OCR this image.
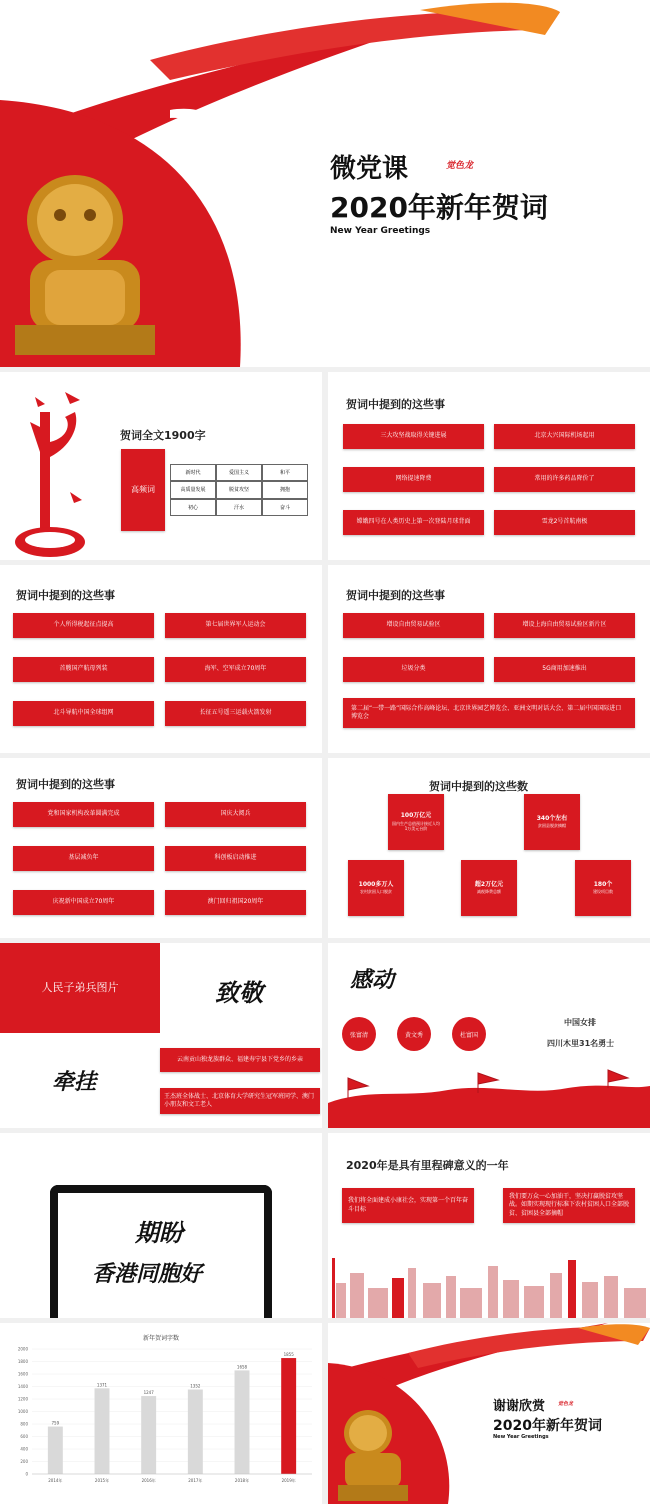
微党课	觉色龙
2020年新年贺词
New Year Greetings
贺词全文1900字
高频词
新时代	爱国主义	和平
高质量发展	脱贫攻坚	拥抱
初心	汗水	奋斗
贺词中提到的这些事
三大攻坚战取得关键进展	北京大兴国际机场起用
网络提速降费	常用的许多药品降价了
嫦娥四号在人类历史上第一次登陆月球背面	雪龙2号首航南极
贺词中提到的这些事
个人所得税起征点提高	第七届世界军人运动会
首艘国产航母列装	海军、空军成立70周年
北斗导航中国全球组网	长征五号遥三运载火箭发射
贺词中提到的这些事
增设自由贸易试验区	增设上海自由贸易试验区新片区
垃圾分类	5G商用加速推出
第二届“一带一路”国际合作高峰论坛、北京世界园艺博览会、亚洲文明对话大会、第二届中国国际进口博览会
贺词中提到的这些事
党和国家机构改革圆满完成	国庆大阅兵
基层减负年	科创板启动推进
庆祝新中国成立70周年	澳门回归祖国20周年
贺词中提到的这些数
100万亿元
国内生产总值预计接近人均1万美元台阶
340个左右
贫困县脱贫摘帽
1000多万人
农村贫困人口脱贫
超2万亿元
减税降费总额
180个
建设项目数
人民子弟兵图片	致敬
牵挂
云南贡山独龙族群众、福建寿宁县下党乡的乡亲
王杰班全体战士、北京体育大学研究生冠军班同学、澳门小朋友和文工老人
感动
张富清	黄文秀	杜富国
中国女排
四川木里31名勇士
期盼
香港同胞好
2020年是具有里程碑意义的一年
我们将全面建成小康社会，实现第一个百年奋斗目标
我们要万众一心加油干，坚决打赢脱贫攻坚战。如期实现现行标准下农村贫困人口全部脱贫、贫困县全部摘帽
新年贺词字数
0
200
400
600
800
1000
1200
1400
1600
1800
2000
759
2014年
1371
2015年
1247
2016年
1352
2017年
1658
2018年
1855
2019年
谢谢欣赏	觉色龙
2020年新年贺词
New Year Greetings
